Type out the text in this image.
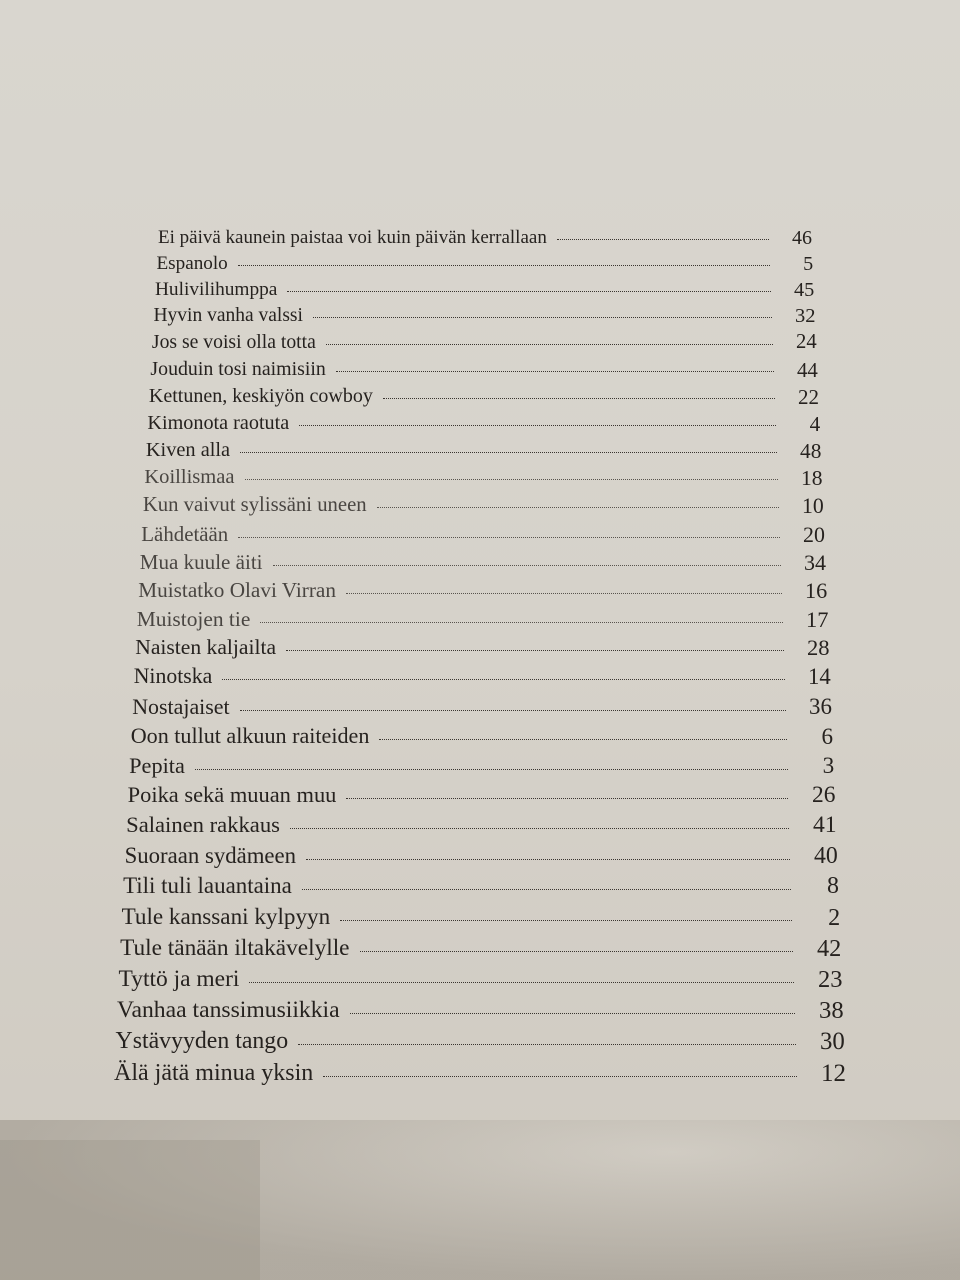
Ei päivä kaunein paistaa voi kuin päivän kerrallaan	46
Espanolo	5
Hulivilihumppa	45
Hyvin vanha valssi	32
Jos se voisi olla totta	24
Jouduin tosi naimisiin	44
Kettunen, keskiyön cowboy	22
Kimonota raotuta	4
Kiven alla	48
Koillismaa	18
Kun vaivut sylissäni uneen	10
Lähdetään	20
Mua kuule äiti	34
Muistatko Olavi Virran	16
Muistojen tie	17
Naisten kaljailta	28
Ninotska	14
Nostajaiset	36
Oon tullut alkuun raiteiden	6
Pepita	3
Poika sekä muuan muu	26
Salainen rakkaus	41
Suoraan sydämeen	40
Tili tuli lauantaina	8
Tule kanssani kylpyyn	2
Tule tänään iltakävelylle	42
Tyttö ja meri	23
Vanhaa tanssimusiikkia	38
Ystävyyden tango	30
Älä jätä minua yksin	12
